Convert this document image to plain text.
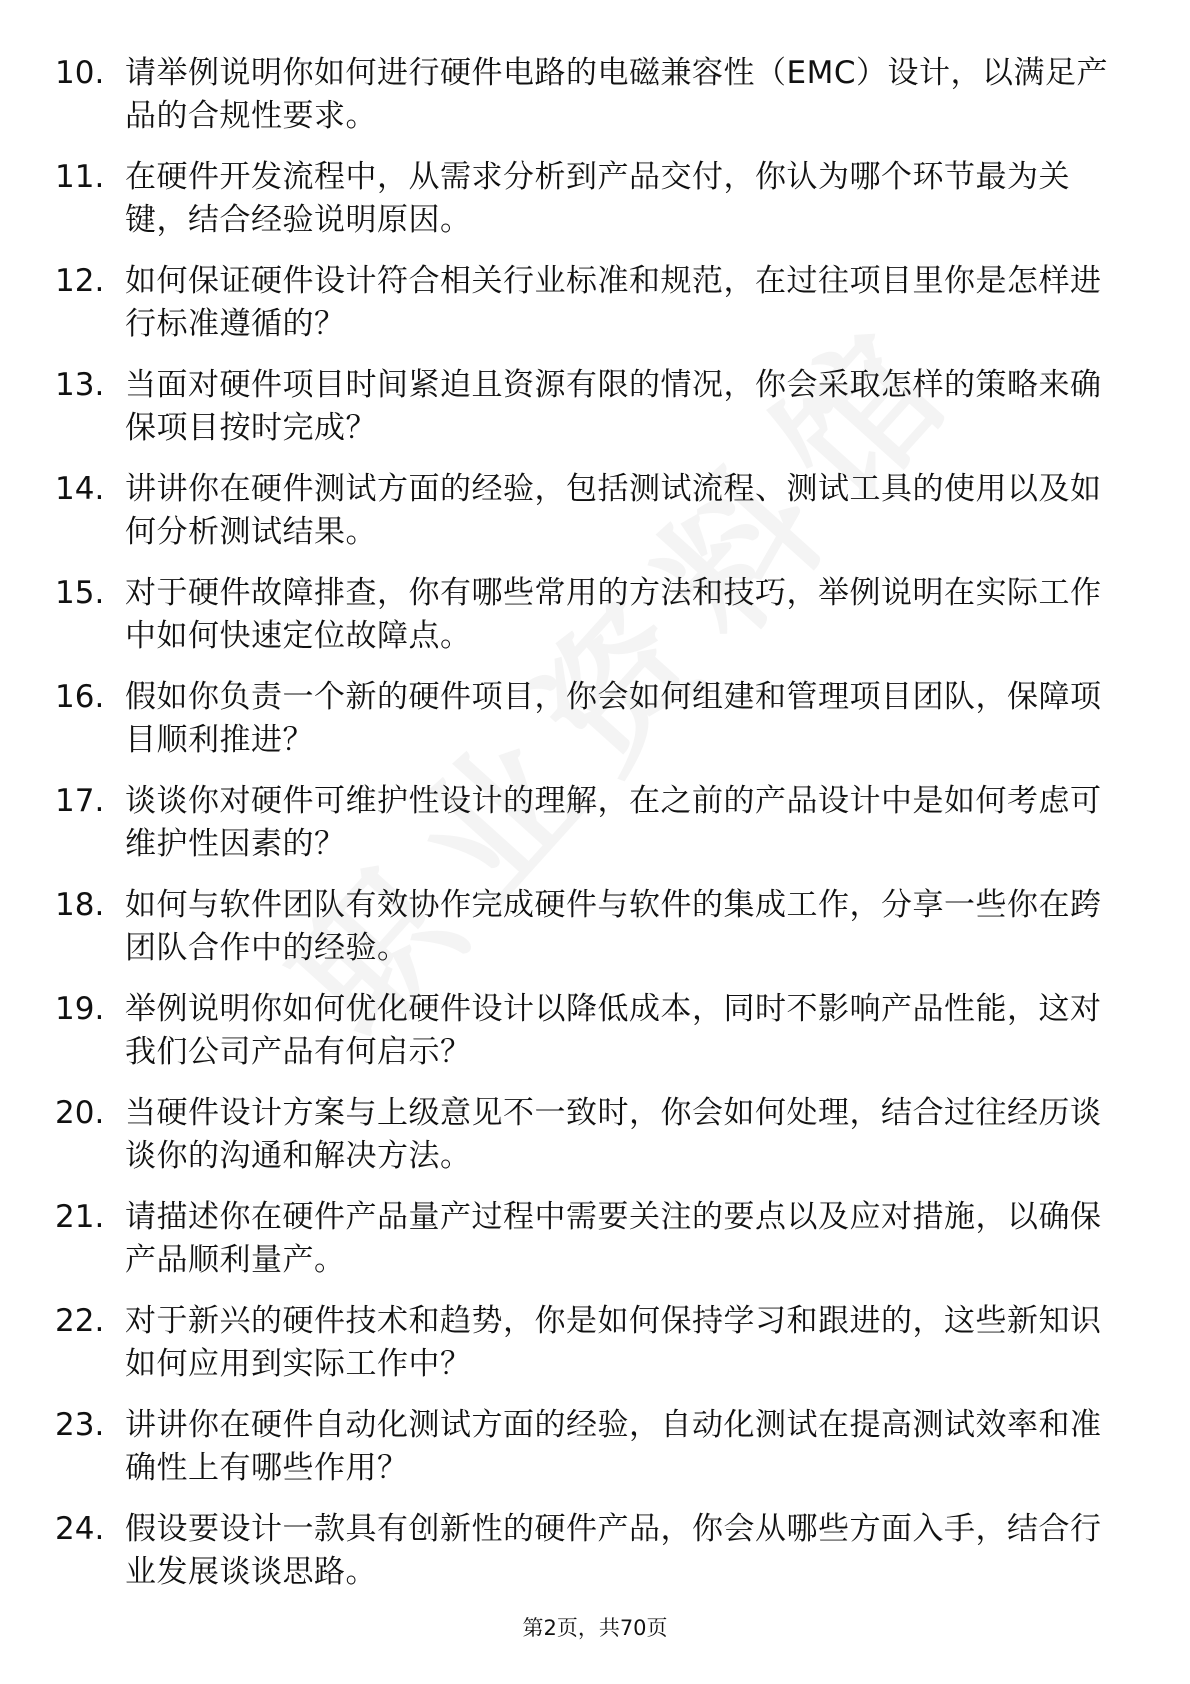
10. 请举例说明你如何进行硬件电路的电磁兼容性（EMC）设计，以满足产品的合规性要求。
11. 在硬件开发流程中，从需求分析到产品交付，你认为哪个环节最为关键，结合经验说明原因。
12. 如何保证硬件设计符合相关行业标准和规范，在过往项目里你是怎样进行标准遵循的？
13. 当面对硬件项目时间紧迫且资源有限的情况，你会采取怎样的策略来确保项目按时完成？
14. 讲讲你在硬件测试方面的经验，包括测试流程、测试工具的使用以及如何分析测试结果。
15. 对于硬件故障排查，你有哪些常用的方法和技巧，举例说明在实际工作中如何快速定位故障点。
16. 假如你负责一个新的硬件项目，你会如何组建和管理项目团队，保障项目顺利推进？
17. 谈谈你对硬件可维护性设计的理解，在之前的产品设计中是如何考虑可维护性因素的？
18. 如何与软件团队有效协作完成硬件与软件的集成工作，分享一些你在跨团队合作中的经验。
19. 举例说明你如何优化硬件设计以降低成本，同时不影响产品性能，这对我们公司产品有何启示？
20. 当硬件设计方案与上级意见不一致时，你会如何处理，结合过往经历谈谈你的沟通和解决方法。
21. 请描述你在硬件产品量产过程中需要关注的要点以及应对措施，以确保产品顺利量产。
22. 对于新兴的硬件技术和趋势，你是如何保持学习和跟进的，这些新知识如何应用到实际工作中？
23. 讲讲你在硬件自动化测试方面的经验，自动化测试在提高测试效率和准确性上有哪些作用？
24. 假设要设计一款具有创新性的硬件产品，你会从哪些方面入手，结合行业发展谈谈思路。
第2页，共70页
